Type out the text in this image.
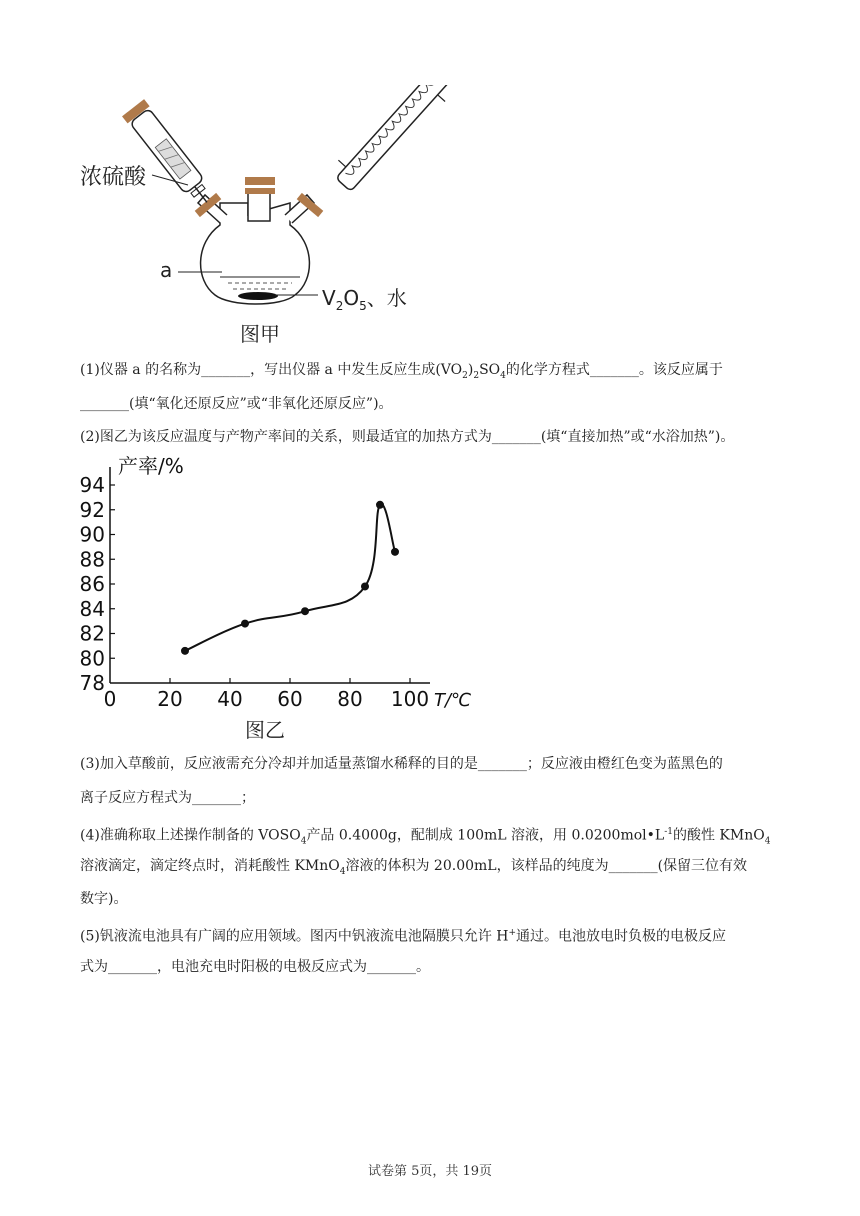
浓硫酸
a
$V_2O_5$、水
图甲
(1)仪器 a 的名称为_______，写出仪器 a 中发生反应生成$(VO_2)_2SO_4$的化学方程式_______。该反应属于
_______(填“氧化还原反应”或“非氧化还原反应”)。
(2)图乙为该反应温度与产物产率间的关系，则最适宜的加热方式为_______(填“直接加热”或“水浴加热”)。
产率/%
T/℃
78
80
82
84
86
88
90
92
94
0 20 40 60 80 100
图乙
(3)加入草酸前，反应液需充分冷却并加适量蒸馏水稀释的目的是_______；反应液由橙红色变为蓝黑色的
离子反应方程式为_______；
(4)准确称取上述操作制备的 $VOSO_4$产品 0.4000g，配制成 100mL 溶液，用 $0.0200mol•L^{-1}$的酸性 KMnO$_4$
溶液滴定，滴定终点时，消耗酸性 KMnO$_4$溶液的体积为 20.00mL，该样品的纯度为_______(保留三位有效
数字)。
(5)钒液流电池具有广阔的应用领域。图丙中钒液流电池隔膜只允许 H+通过。电池放电时负极的电极反应
式为_______，电池充电时阳极的电极反应式为_______。
试卷第 5页，共 19页
